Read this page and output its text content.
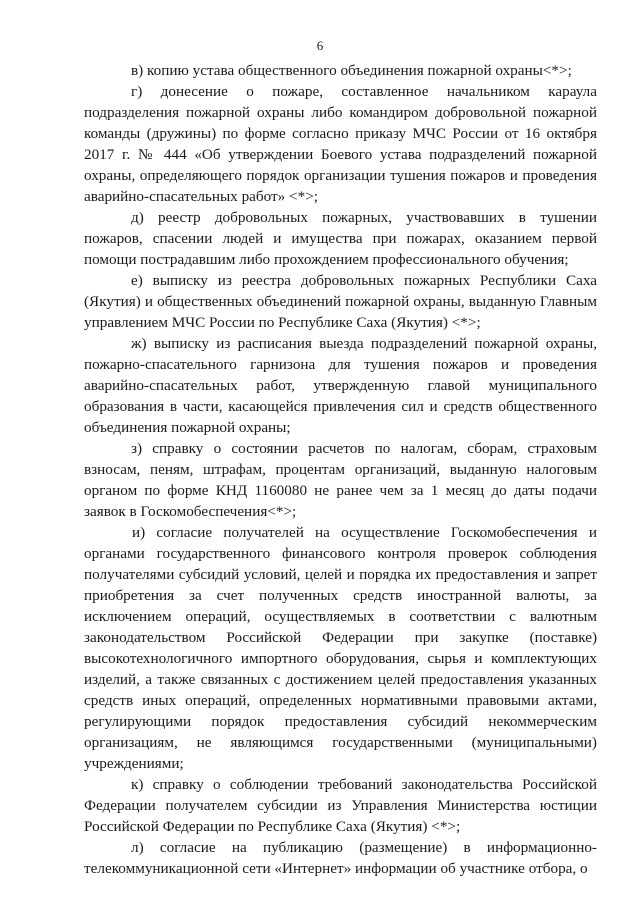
6

в) копию устава общественного объединения пожарной охраны<*>;

г) донесение о пожаре, составленное начальником караула подразделения пожарной охраны либо командиром добровольной пожарной команды (дружины) по форме согласно приказу МЧС России от 16 октября 2017 г. № 444 «Об утверждении Боевого устава подразделений пожарной охраны, определяющего порядок организации тушения пожаров и проведения аварийно-спасательных работ» <*>;

д) реестр добровольных пожарных, участвовавших в тушении пожаров, спасении людей и имущества при пожарах, оказанием первой помощи пострадавшим либо прохождением профессионального обучения;

е) выписку из реестра добровольных пожарных Республики Саха (Якутия) и общественных объединений пожарной охраны, выданную Главным управлением МЧС России по Республике Саха (Якутия) <*>;

ж) выписку из расписания выезда подразделений пожарной охраны, пожарно-спасательного гарнизона для тушения пожаров и проведения аварийно-спасательных работ, утвержденную главой муниципального образования в части, касающейся привлечения сил и средств общественного объединения пожарной охраны;

з) справку о состоянии расчетов по налогам, сборам, страховым взносам, пеням, штрафам, процентам организаций, выданную налоговым органом по форме КНД 1160080 не ранее чем за 1 месяц до даты подачи заявок в Госкомобеспечения<*>;

и) согласие получателей на осуществление Госкомобеспечения и органами государственного финансового контроля проверок соблюдения получателями субсидий условий, целей и порядка их предоставления и запрет приобретения за счет полученных средств иностранной валюты, за исключением операций, осуществляемых в соответствии с валютным законодательством Российской Федерации при закупке (поставке) высокотехнологичного импортного оборудования, сырья и комплектующих изделий, а также связанных с достижением целей предоставления указанных средств иных операций, определенных нормативными правовыми актами, регулирующими порядок предоставления субсидий некоммерческим организациям, не являющимся государственными (муниципальными) учреждениями;

к) справку о соблюдении требований законодательства Российской Федерации получателем субсидии из Управления Министерства юстиции Российской Федерации по Республике Саха (Якутия) <*>;

л) согласие на публикацию (размещение) в информационно-телекоммуникационной сети «Интернет» информации об участнике отбора, о
